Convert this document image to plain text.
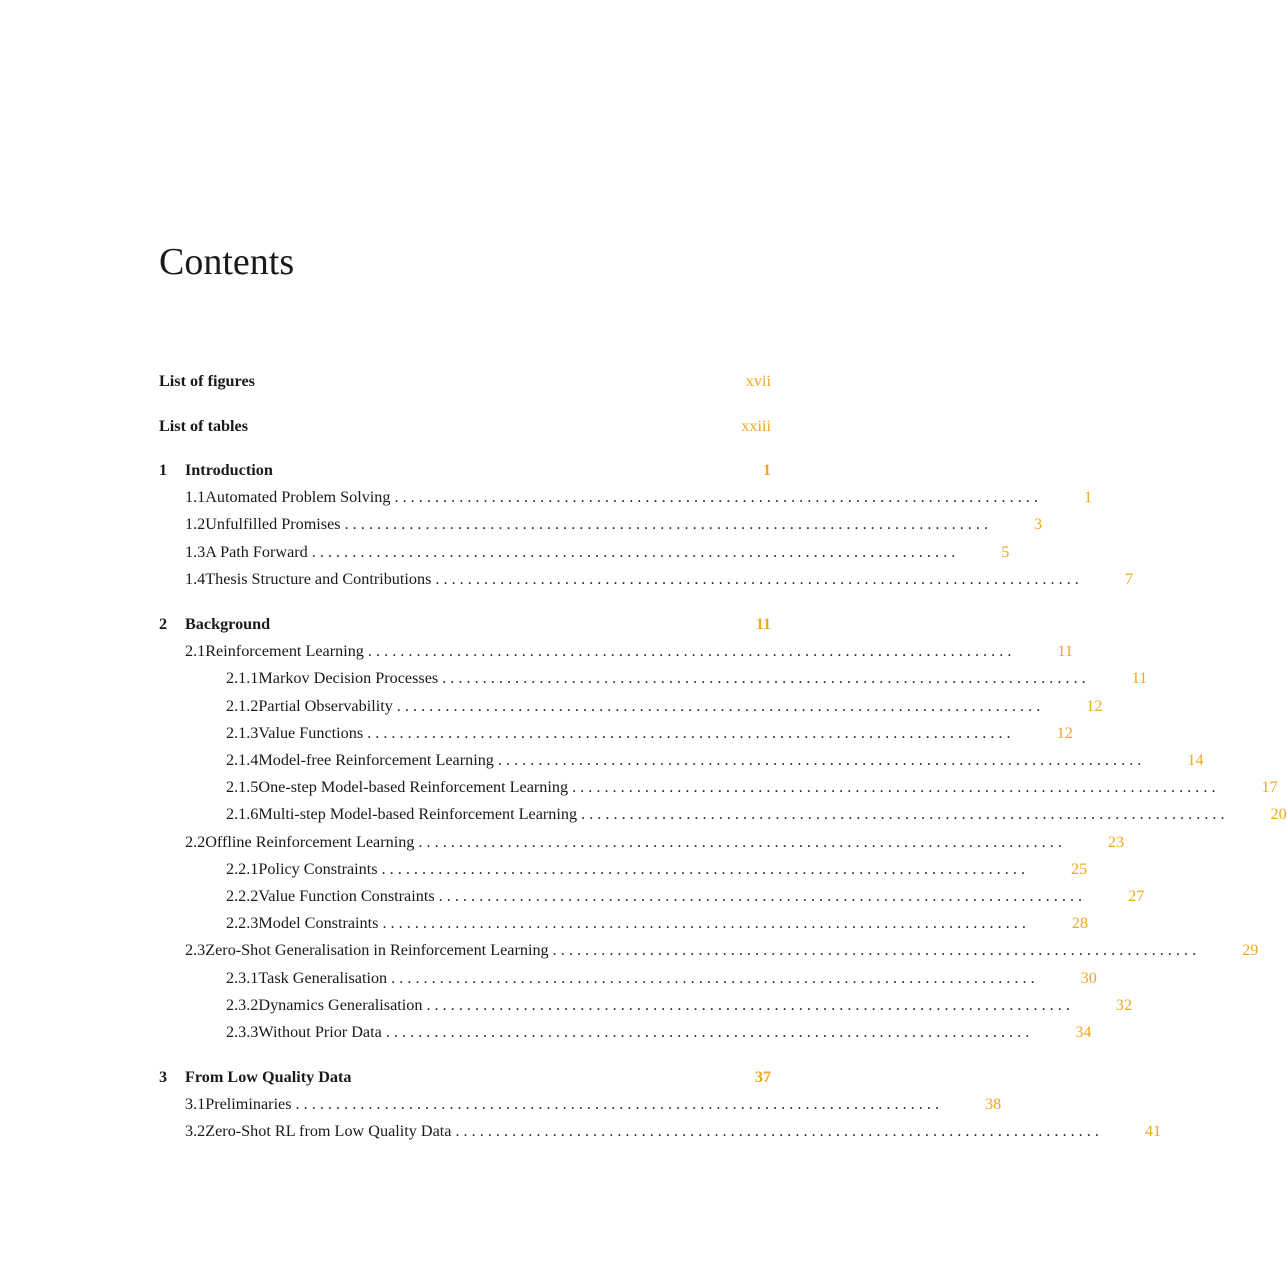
Contents
List of figures	xvii
List of tables	xxiii
1	Introduction	1
1.1 Automated Problem Solving . . . . . . . . . . . . . . . . . . . . . . . . . . . . . . . . . . . . . . . . . . . . . . . . . . . . . . . . . . . . . . . . . . . . . . . . . . . . . . . .	1
1.2 Unfulfilled Promises . . . . . . . . . . . . . . . . . . . . . . . . . . . . . . . . . . . . . . . . . . . . . . . . . . . . . . . . . . . . . . . . . . . . . . . . . . . . . . . .	3
1.3 A Path Forward . . . . . . . . . . . . . . . . . . . . . . . . . . . . . . . . . . . . . . . . . . . . . . . . . . . . . . . . . . . . . . . . . . . . . . . . . . . . . . . .	5
1.4 Thesis Structure and Contributions . . . . . . . . . . . . . . . . . . . . . . . . . . . . . . . . . . . . . . . . . . . . . . . . . . . . . . . . . . . . . . . . . . . . . . . . . . . . . . . .	7
2	Background	11
2.1 Reinforcement Learning . . . . . . . . . . . . . . . . . . . . . . . . . . . . . . . . . . . . . . . . . . . . . . . . . . . . . . . . . . . . . . . . . . . . . . . . . . . . . . . .	11
2.1.1 Markov Decision Processes . . . . . . . . . . . . . . . . . . . . . . . . . . . . . . . . . . . . . . . . . . . . . . . . . . . . . . . . . . . . . . . . . . . . . . . . . . . . . . . .	11
2.1.2 Partial Observability . . . . . . . . . . . . . . . . . . . . . . . . . . . . . . . . . . . . . . . . . . . . . . . . . . . . . . . . . . . . . . . . . . . . . . . . . . . . . . . .	12
2.1.3 Value Functions . . . . . . . . . . . . . . . . . . . . . . . . . . . . . . . . . . . . . . . . . . . . . . . . . . . . . . . . . . . . . . . . . . . . . . . . . . . . . . . .	12
2.1.4 Model-free Reinforcement Learning . . . . . . . . . . . . . . . . . . . . . . . . . . . . . . . . . . . . . . . . . . . . . . . . . . . . . . . . . . . . . . . . . . . . . . . . . . . . . . . .	14
2.1.5 One-step Model-based Reinforcement Learning . . . . . . . . . . . . . . . . . . . . . . . . . . . . . . . . . . . . . . . . . . . . . . . . . . . . . . . . . . . . . . . . . . . . . . . . . . . . . . . .	17
2.1.6 Multi-step Model-based Reinforcement Learning . . . . . . . . . . . . . . . . . . . . . . . . . . . . . . . . . . . . . . . . . . . . . . . . . . . . . . . . . . . . . . . . . . . . . . . . . . . . . . . .	20
2.2 Offline Reinforcement Learning . . . . . . . . . . . . . . . . . . . . . . . . . . . . . . . . . . . . . . . . . . . . . . . . . . . . . . . . . . . . . . . . . . . . . . . . . . . . . . . .	23
2.2.1 Policy Constraints . . . . . . . . . . . . . . . . . . . . . . . . . . . . . . . . . . . . . . . . . . . . . . . . . . . . . . . . . . . . . . . . . . . . . . . . . . . . . . . .	25
2.2.2 Value Function Constraints . . . . . . . . . . . . . . . . . . . . . . . . . . . . . . . . . . . . . . . . . . . . . . . . . . . . . . . . . . . . . . . . . . . . . . . . . . . . . . . .	27
2.2.3 Model Constraints . . . . . . . . . . . . . . . . . . . . . . . . . . . . . . . . . . . . . . . . . . . . . . . . . . . . . . . . . . . . . . . . . . . . . . . . . . . . . . . .	28
2.3 Zero-Shot Generalisation in Reinforcement Learning . . . . . . . . . . . . . . . . . . . . . . . . . . . . . . . . . . . . . . . . . . . . . . . . . . . . . . . . . . . . . . . . . . . . . . . . . . . . . . . .	29
2.3.1 Task Generalisation . . . . . . . . . . . . . . . . . . . . . . . . . . . . . . . . . . . . . . . . . . . . . . . . . . . . . . . . . . . . . . . . . . . . . . . . . . . . . . . .	30
2.3.2 Dynamics Generalisation . . . . . . . . . . . . . . . . . . . . . . . . . . . . . . . . . . . . . . . . . . . . . . . . . . . . . . . . . . . . . . . . . . . . . . . . . . . . . . . .	32
2.3.3 Without Prior Data . . . . . . . . . . . . . . . . . . . . . . . . . . . . . . . . . . . . . . . . . . . . . . . . . . . . . . . . . . . . . . . . . . . . . . . . . . . . . . . .	34
3	From Low Quality Data	37
3.1 Preliminaries . . . . . . . . . . . . . . . . . . . . . . . . . . . . . . . . . . . . . . . . . . . . . . . . . . . . . . . . . . . . . . . . . . . . . . . . . . . . . . . .	38
3.2 Zero-Shot RL from Low Quality Data . . . . . . . . . . . . . . . . . . . . . . . . . . . . . . . . . . . . . . . . . . . . . . . . . . . . . . . . . . . . . . . . . . . . . . . . . . . . . . . .	41
